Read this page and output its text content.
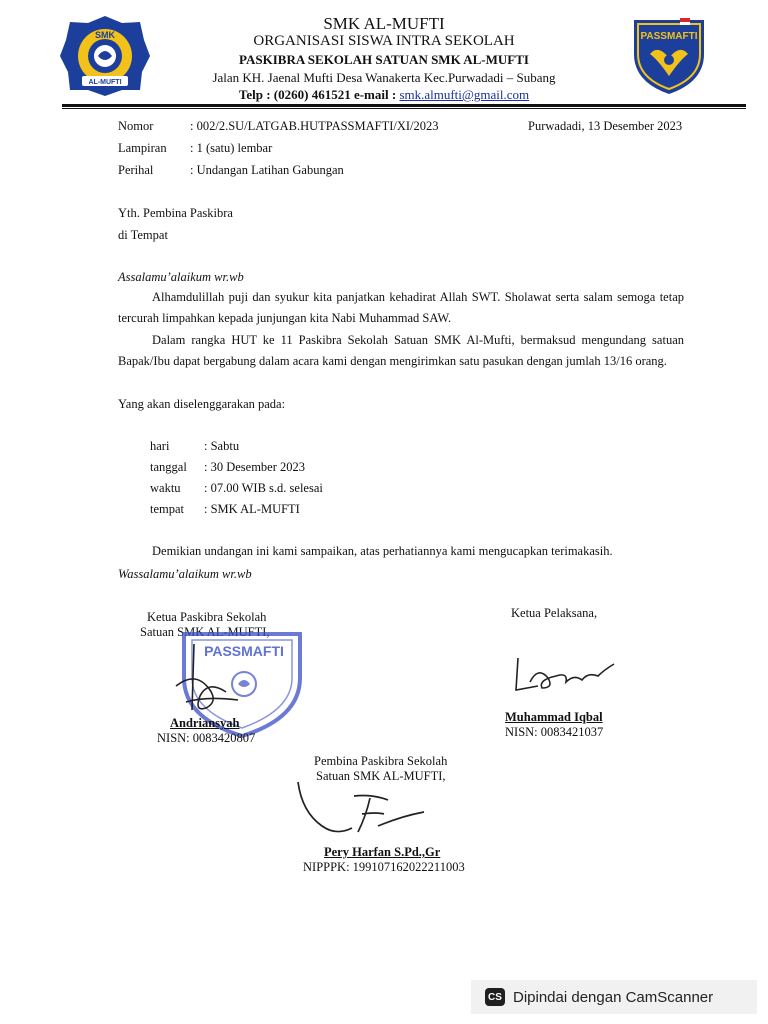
SMK
AL-MUFTI
PASSMAFTI
SMK AL-MUFTI
ORGANISASI SISWA INTRA SEKOLAH
PASKIBRA SEKOLAH SATUAN SMK AL-MUFTI
Jalan KH. Jaenal Mufti Desa Wanakerta Kec.Purwadadi – Subang
Telp : (0260) 461521 e-mail : smk.almufti@gmail.com
Nomor	: 002/2.SU/LATGAB.HUTPASSMAFTI/XI/2023
Lampiran : 1 (satu) lembar
Perihal	: Undangan Latihan Gabungan
Purwadadi, 13 Desember 2023
Yth. Pembina Paskibra
di Tempat
Assalamu’alaikum wr.wb
Alhamdulillah puji dan syukur kita panjatkan kehadirat Allah SWT. Sholawat serta salam semoga tetap tercurah limpahkan kepada junjungan kita Nabi Muhammad SAW.
Dalam rangka HUT ke 11 Paskibra Sekolah Satuan SMK Al-Mufti, bermaksud mengundang satuan Bapak/Ibu dapat bergabung dalam acara kami dengan mengirimkan satu pasukan dengan jumlah 13/16 orang.
Yang akan diselenggarakan pada:
hari	: Sabtu
tanggal : 30 Desember 2023
waktu : 07.00 WIB s.d. selesai
tempat : SMK AL-MUFTI
Demikian undangan ini kami sampaikan, atas perhatiannya kami mengucapkan terimakasih.
Wassalamu’alaikum wr.wb
Ketua Paskibra Sekolah
Satuan SMK AL-MUFTI,
PASSMAFTI
Andriansyah
NISN: 0083420807
Ketua Pelaksana,
Muhammad Iqbal
NISN: 0083421037
Pembina Paskibra Sekolah
Satuan SMK AL-MUFTI,
Pery Harfan S.Pd.,Gr
NIPPPK: 199107162022211003
CS Dipindai dengan CamScanner
